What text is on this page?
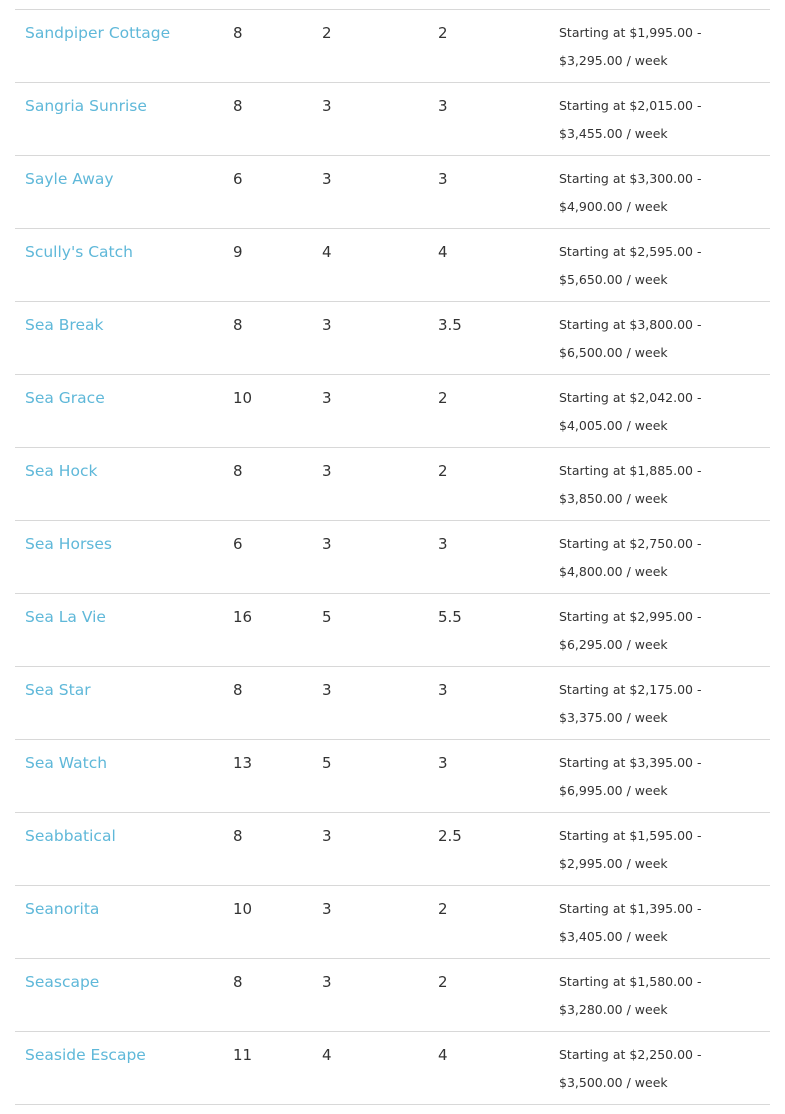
Sandpiper Cottage	8	2	2	Starting at $1,995.00 - $3,295.00 / week
Sangria Sunrise	8	3	3	Starting at $2,015.00 - $3,455.00 / week
Sayle Away	6	3	3	Starting at $3,300.00 - $4,900.00 / week
Scully's Catch	9	4	4	Starting at $2,595.00 - $5,650.00 / week
Sea Break	8	3	3.5	Starting at $3,800.00 - $6,500.00 / week
Sea Grace	10	3	2	Starting at $2,042.00 - $4,005.00 / week
Sea Hock	8	3	2	Starting at $1,885.00 - $3,850.00 / week
Sea Horses	6	3	3	Starting at $2,750.00 - $4,800.00 / week
Sea La Vie	16	5	5.5	Starting at $2,995.00 - $6,295.00 / week
Sea Star	8	3	3	Starting at $2,175.00 - $3,375.00 / week
Sea Watch	13	5	3	Starting at $3,395.00 - $6,995.00 / week
Seabbatical	8	3	2.5	Starting at $1,595.00 - $2,995.00 / week
Seanorita	10	3	2	Starting at $1,395.00 - $3,405.00 / week
Seascape	8	3	2	Starting at $1,580.00 - $3,280.00 / week
Seaside Escape	11	4	4	Starting at $2,250.00 - $3,500.00 / week
